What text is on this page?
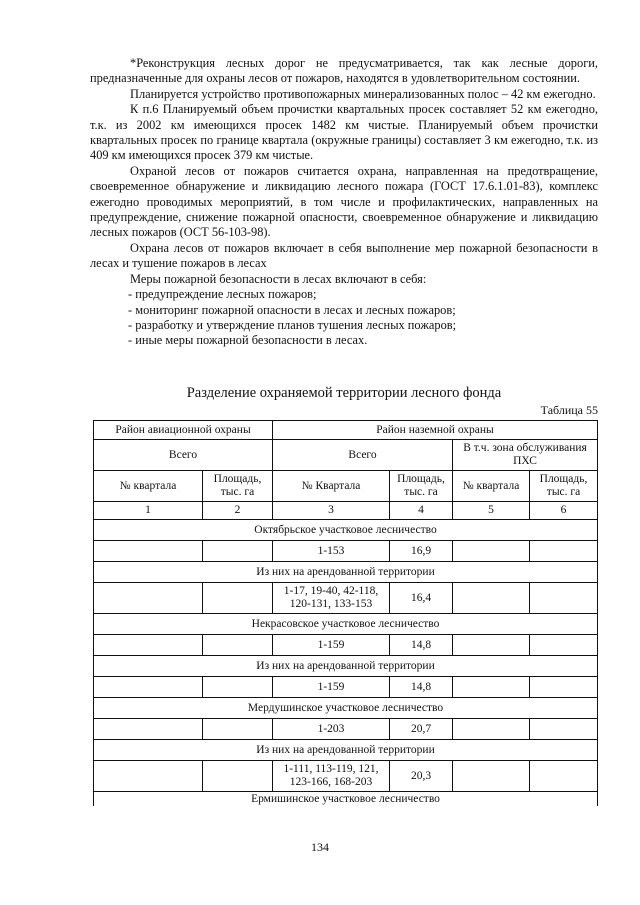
*Реконструкция лесных дорог не предусматривается, так как лесные дороги, предназначенные для охраны лесов от пожаров, находятся в удовлетворительном состоянии.

Планируется устройство противопожарных минерализованных полос – 42 км ежегодно.

К п.6 Планируемый объем прочистки квартальных просек составляет 52 км ежегодно, т.к. из 2002 км имеющихся просек 1482 км чистые. Планируемый объем прочистки квартальных просек по границе квартала (окружные границы) составляет 3 км ежегодно, т.к. из 409 км имеющихся просек 379 км чистые.

Охраной лесов от пожаров считается охрана, направленная на предотвращение, своевременное обнаружение и ликвидацию лесного пожара (ГОСТ 17.6.1.01-83), комплекс ежегодно проводимых мероприятий, в том числе и профилактических, направленных на предупреждение, снижение пожарной опасности, своевременное обнаружение и ликвидацию лесных пожаров (ОСТ 56-103-98).

Охрана лесов от пожаров включает в себя выполнение мер пожарной безопасности в лесах и тушение пожаров в лесах

Меры пожарной безопасности в лесах включают в себя:

- предупреждение лесных пожаров;

- мониторинг пожарной опасности в лесах и лесных пожаров;

- разработку и утверждение планов тушения лесных пожаров;

- иные меры пожарной безопасности в лесах.

Разделение охраняемой территории лесного фонда
Таблица 55
Район авиационной охраны		Район наземной охраны			
Всего		Всего		В т.ч. зона обслуживания ПХС	
№ квартала	Площадь, тыс. га	№ Квартала	Площадь, тыс. га	№ квартала	Площадь, тыс. га
1	2	3	4	5	6
Октябрьское участковое лесничество					
		1-153	16,9		
Из них на арендованной территории					
		1-17, 19-40, 42-118, 120-131, 133-153	16,4		
Некрасовское участковое лесничество					
		1-159	14,8		
Из них на арендованной территории					
		1-159	14,8		
Мердушинское участковое лесничество					
		1-203	20,7		
Из них на арендованной территории					
		1-111, 113-119, 121, 123-166, 168-203	20,3		
Ермишинское участковое лесничество					
134
